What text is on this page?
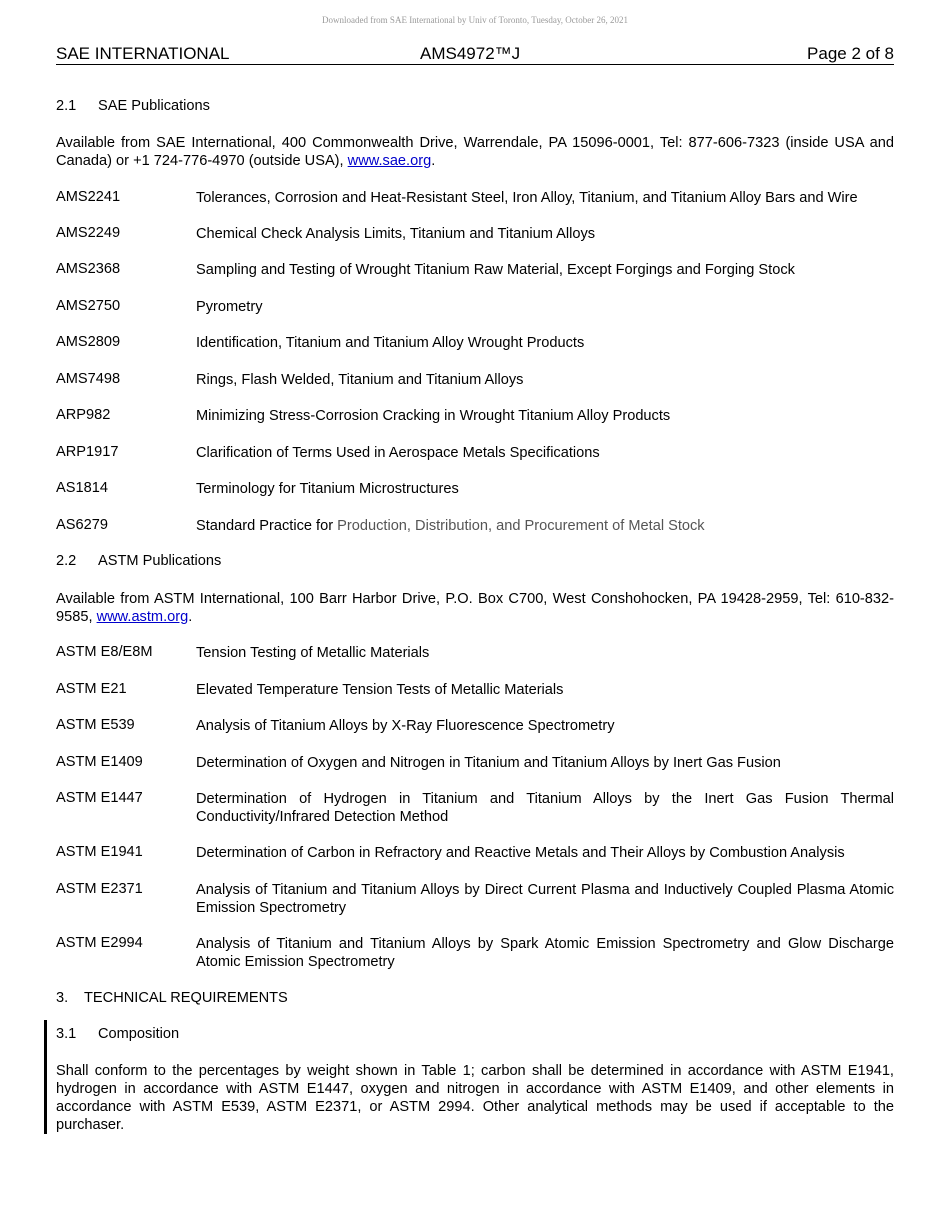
Downloaded from SAE International by Univ of Toronto, Tuesday, October 26, 2021
SAE INTERNATIONAL	AMS4972™J	Page 2 of 8
2.1 SAE Publications
Available from SAE International, 400 Commonwealth Drive, Warrendale, PA 15096-0001, Tel: 877-606-7323 (inside USA and Canada) or +1 724-776-4970 (outside USA), www.sae.org.
AMS2241	Tolerances, Corrosion and Heat-Resistant Steel, Iron Alloy, Titanium, and Titanium Alloy Bars and Wire
AMS2249	Chemical Check Analysis Limits, Titanium and Titanium Alloys
AMS2368	Sampling and Testing of Wrought Titanium Raw Material, Except Forgings and Forging Stock
AMS2750	Pyrometry
AMS2809	Identification, Titanium and Titanium Alloy Wrought Products
AMS7498	Rings, Flash Welded, Titanium and Titanium Alloys
ARP982	Minimizing Stress-Corrosion Cracking in Wrought Titanium Alloy Products
ARP1917	Clarification of Terms Used in Aerospace Metals Specifications
AS1814	Terminology for Titanium Microstructures
AS6279	Standard Practice for Production, Distribution, and Procurement of Metal Stock
2.2 ASTM Publications
Available from ASTM International, 100 Barr Harbor Drive, P.O. Box C700, West Conshohocken, PA 19428-2959, Tel: 610-832-9585, www.astm.org.
ASTM E8/E8M	Tension Testing of Metallic Materials
ASTM E21	Elevated Temperature Tension Tests of Metallic Materials
ASTM E539	Analysis of Titanium Alloys by X-Ray Fluorescence Spectrometry
ASTM E1409	Determination of Oxygen and Nitrogen in Titanium and Titanium Alloys by Inert Gas Fusion
ASTM E1447	Determination of Hydrogen in Titanium and Titanium Alloys by the Inert Gas Fusion Thermal Conductivity/Infrared Detection Method
ASTM E1941	Determination of Carbon in Refractory and Reactive Metals and Their Alloys by Combustion Analysis
ASTM E2371	Analysis of Titanium and Titanium Alloys by Direct Current Plasma and Inductively Coupled Plasma Atomic Emission Spectrometry
ASTM E2994	Analysis of Titanium and Titanium Alloys by Spark Atomic Emission Spectrometry and Glow Discharge Atomic Emission Spectrometry
3. TECHNICAL REQUIREMENTS
3.1 Composition
Shall conform to the percentages by weight shown in Table 1; carbon shall be determined in accordance with ASTM E1941, hydrogen in accordance with ASTM E1447, oxygen and nitrogen in accordance with ASTM E1409, and other elements in accordance with ASTM E539, ASTM E2371, or ASTM 2994. Other analytical methods may be used if acceptable to the purchaser.
